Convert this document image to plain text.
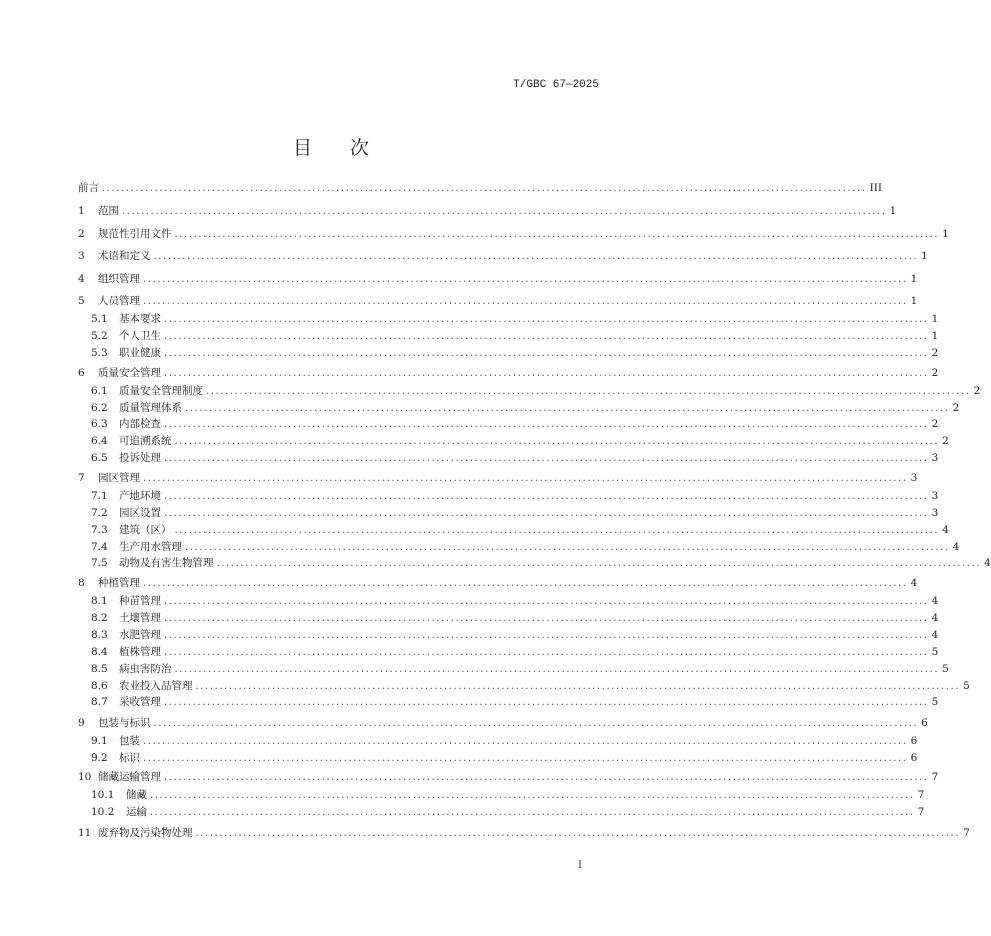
T/GBC 67—2025
目 次
前言 ................................................................................................................................................................ III
1	范围 ................................................................................................................................................................ 1
2	规范性引用文件 ................................................................................................................................................................ 1
3	术语和定义 ................................................................................................................................................................ 1
4	组织管理 ................................................................................................................................................................ 1
5	人员管理 ................................................................................................................................................................ 1
5.1	基本要求 ................................................................................................................................................................ 1
5.2	个人卫生 ................................................................................................................................................................ 1
5.3	职业健康 ................................................................................................................................................................ 2
6	质量安全管理 ................................................................................................................................................................ 2
6.1	质量安全管理制度 ................................................................................................................................................................ 2
6.2	质量管理体系 ................................................................................................................................................................ 2
6.3	内部检查 ................................................................................................................................................................ 2
6.4	可追溯系统 ................................................................................................................................................................ 2
6.5	投诉处理 ................................................................................................................................................................ 3
7	园区管理 ................................................................................................................................................................ 3
7.1	产地环境 ................................................................................................................................................................ 3
7.2	园区设置 ................................................................................................................................................................ 3
7.3	建筑（区） ................................................................................................................................................................ 4
7.4	生产用水管理 ................................................................................................................................................................ 4
7.5	动物及有害生物管理 ................................................................................................................................................................ 4
8	种植管理 ................................................................................................................................................................ 4
8.1	种苗管理 ................................................................................................................................................................ 4
8.2	土壤管理 ................................................................................................................................................................ 4
8.3	水肥管理 ................................................................................................................................................................ 4
8.4	植株管理 ................................................................................................................................................................ 5
8.5	病虫害防治 ................................................................................................................................................................ 5
8.6	农业投入品管理 ................................................................................................................................................................ 5
8.7	采收管理 ................................................................................................................................................................ 5
9	包装与标识 ................................................................................................................................................................ 6
9.1	包装 ................................................................................................................................................................ 6
9.2	标识 ................................................................................................................................................................ 6
10 储藏运输管理 ................................................................................................................................................................ 7
10.1	储藏 ................................................................................................................................................................ 7
10.2	运输 ................................................................................................................................................................ 7
11 废弃物及污染物处理 ................................................................................................................................................................ 7
I
